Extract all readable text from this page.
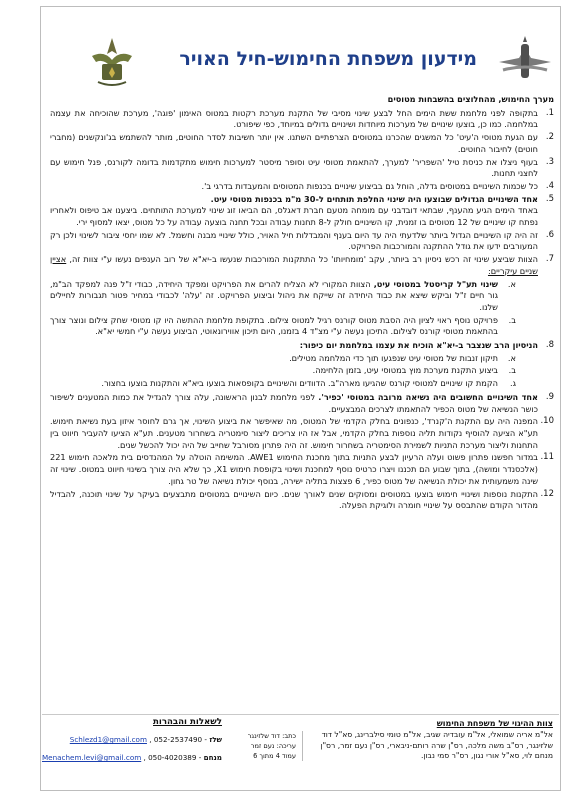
מידעון משפחת החימוש-חיל האויר
מערך החימוש, מהחלוצים בהשבחות מטוסים
1.
בתקופה לפני מלחמת ששת הימים החל לבצע שינוי מסיבי של התקנת מערכת רקטות במטוס האימון 'פוגה', מערכת שהוכיחה את עצמה במלחמה. כמו כן, בוצעו שינויים של מערכות מיוחדות ושינויים גדולים במיוחד, כפי שיפורט.
2.
עם הגעת מטוסי ה'עיט' כל המשגים שהכרנו במטוסים הצרפתיים השתנו. אין יותר חשיבות לסדר החוטים, מותר להשתמש בג'ונקשנים (מחברי חוטים) לחיבור החוטים.
3.
בעוף ניצלו את כניסת טיל 'השפריר' למערך, להתאמת מטוסי עיט וסופר מיסטר למערכות חימוש מתקדמות בדומה לקורנס, פנל חימוש עם לחצני תחנות.
4.
כל שכמות השינויים במטוסים גדלה, הוחל גם בביצוע שינויים בכנפות המטוסים והמעבדות בדרגי ב'.
5.
אחד השינויים הגדולים שבוצעו היה שינוי החלפת תותחים ל-30 מ"מ בכנפות מטוסי עיט.
באחד הימים הגיע מהענף, שבתאי דובדבני עם מומחה מטעם חברת דאגלס, הם הביאו זוג שינוי למערכת התותחים. ביצענו אב טיפוס ולאחריו נפתח קו שינויים של 12 מטוסים בו זמנית, קו השינויים חולק ל-8 תחנות עבודה ובכל תחנה בוצעה עבודה על כל מטוס, יצאו למסוף ירי.
6.
זה היה קו השינויים הגדול ביותר שלדעתי היה עד היום בענף והמבדלות חיל האויר, כולל שינויי מבנה וחשמל. לא שמו יחסי ציבור לשינוי ולכן רק המעורבים ידעו את גודל ההתקנה והמורכבות הפרויקט.
7.
הצוות שביצע שינוי זה רכש ניסיון רב ביותר, עקב 'מומחיותו' כל התתקנות המורכבות שנעשו ב-יא"א של רוב הענפים נעשו ע"י צוות זה, אציין שניים עיקריים:
א.
שינוי תע"ל קריסטל במטוסי עיט, הצוות המקורי לא הצליח להרים את הפרויקט ומפקד היחידה, כבודי ז"ל פנה למפקד הב"מ, גור חיים ז"ל וביקש שיצא את כבוד היחידה זה שייקח את ניהול וביצוע הפרויקט. זה 'עלה' לכבודי במחיר פטור תגבורות לחיילים שלנו.
ב.
פרויקט נוסף ראוי לציון היה הסבת מטוס קורנס רגיל למטוס צילום. בתקופת מלחמת ההתשה היו קו מטוסי שחק צילום ונוצר צורך בהתאמת מטוסי קורנס לצילום. התיכון נעשה ע"י מצ"ד 4 בזמנו, היום תיכון אווירונאוטי, הביצוע נעשה ע"י חמשי יא"א.
8.
הניסיון הרב שנצבר ב-יא"א הוכיח את עצמו במלחמת יום כיפור:
א.
תיקון זנבות של מטוסי עיט שנפגעו תוך כדי המלחמה מטילים.
ב.
ביצוע התקנת מערכת מוץ במטוסי עיט, בזמן הלחימה.
ג.
הקמת קו שינויים למטוסי קורנס שהגיעו מארה"ב. הדוודים והשינויים בקופסאות בוצעו ביא"א והתקנות בוצעו בחצור.
9.
אחד השינויים החשובים היה נשיאה מרובה במטוסי 'כפיר'. לפני מלחמת לבנון הראשונה, עלה צורך להגדיל את כמות המטענים לשיפור כושר הנשיאה של מטוס הכפיר להתאמתו לצרכים המבצעיים.
10.
המפנה היה עם התקנת ה'קנרד', כנפונים בחלק הקדמי של המטוס, מה שאיפשר את ביצוע השינוי, אך גרם לחוסר איזון בעת נשיאת חימוש. תע"א הציעה להוסיף נקודות תליה נוספות בחלק הקדמי, אבל אז היו צריכים ליצור סימטריה בשחרור מטענים. תע"א הציעו להעביר חיווט בין התחנות וליצור מערכת התניות לשמירת הסימטריה בשחרור חימוש. זה היה פתרון מסורבל שחייב של היה יכול להכשל שנים.
11.
במדור חפשנו פתרון פשוט ועלה הרעיון לבצע התניות בתוך מחכנת החימוש AWE1. המשימה הוטלה על המהנדסים בית מלאכה חימוש 221 (אלכסנדר ומושה), בתוך שבוע הם תכננו ויצרו כרטיס נוסף למחכנת ושינוי בקופסת חימוש X1, כך שלא היה צורך בשינוי חיווט במטוס. שינוי זה שינה משמעותית את יכולת הנשיאה של מטוס כפיר, 6 פצצות בתליה ישירה, בנוסף יכולת נשיאה של טר גחון.
12.
התקנות נוספות ושינויי חימוש בוצעו במטוסים ומסוקים שנים לאורך שנים. כיום השינויים במטוסים מתבצעים בעיקר על שינוי תוכנה, להבדיל מהדור הקודם שהתבסס על שינויי חומרה ולוגיקת הפעלה.
צוות ההיגוי של משפחת החימוש
אל"מ אריה שמואלי, אל"מ עובדיה שגיב, אל"מ טומי סילברינג, סא"ל דוד שלזינגר, רס"ב משה מלכה, רס"ן שרה רותם-ניבארי, רס"ן נעם זמר, רס"ן מנחם לוי, סא"ל אורי נגון, רס"ר סמי נבון.
כתב: דוד שלזינגר
עריכה: נעם זמר
עמוד 4 מתוך 6
לשאלות והבהרות
שלז - 052-2537490 , Schlezd1@gmail.com
מנחם - 050-4020389 , Menachem.levi@gmail.com
